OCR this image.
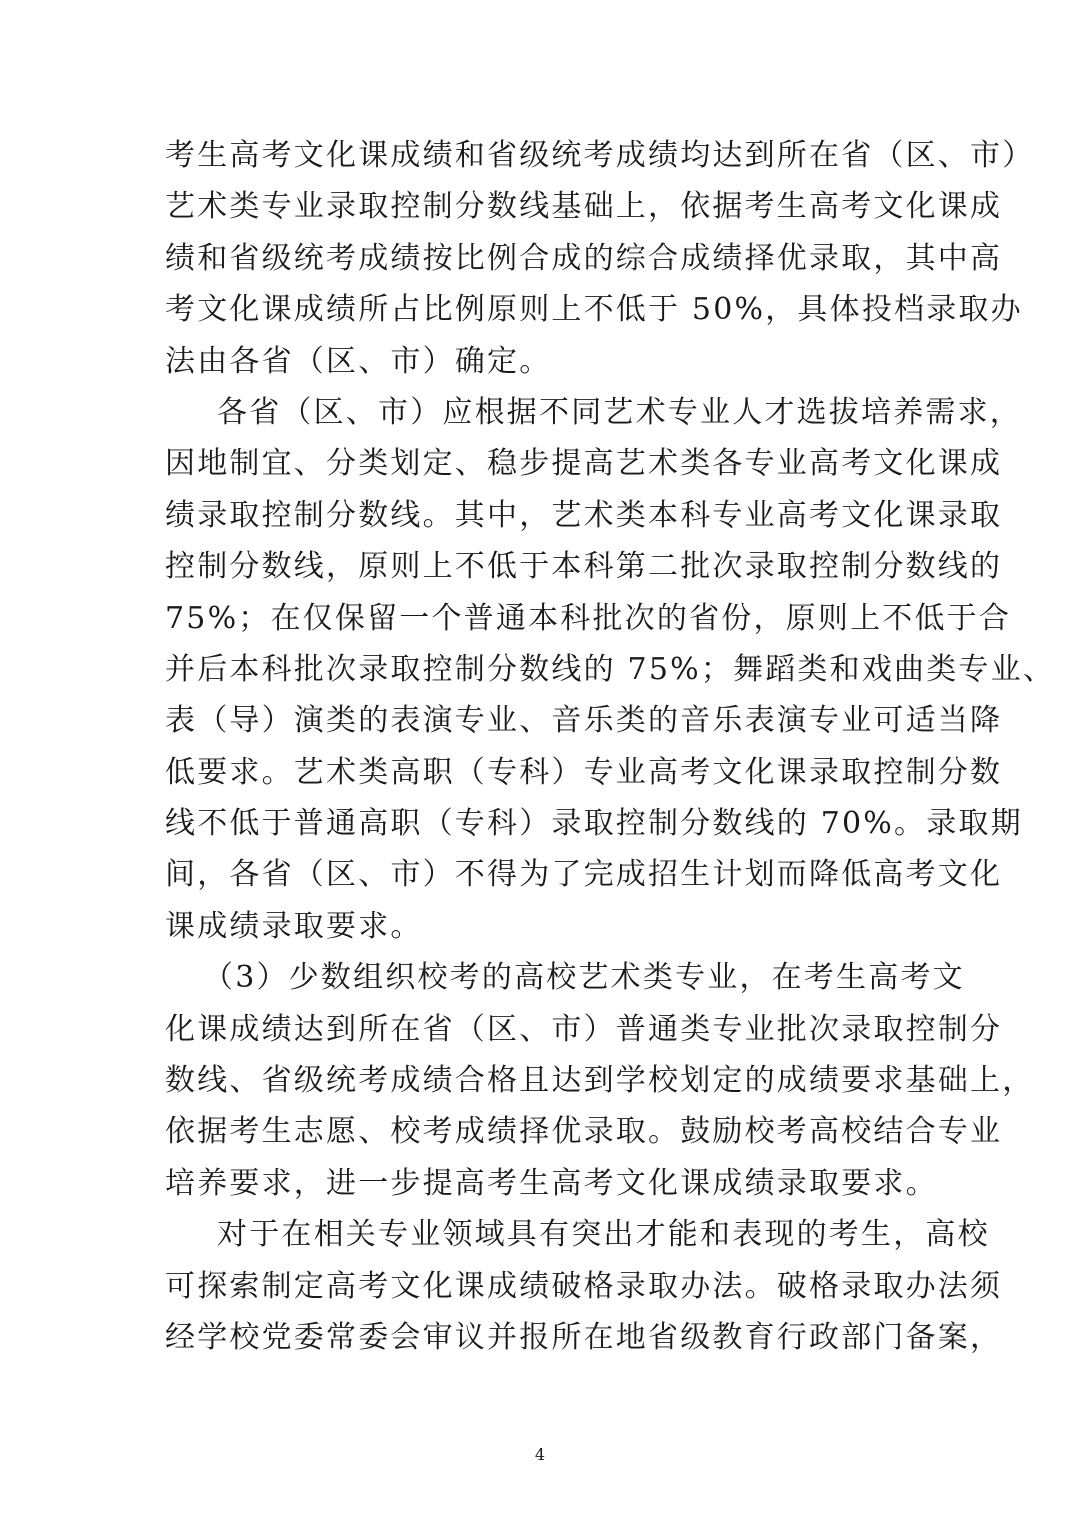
考生高考文化课成绩和省级统考成绩均达到所在省（区、市）
艺术类专业录取控制分数线基础上，依据考生高考文化课成
绩和省级统考成绩按比例合成的综合成绩择优录取，其中高
考文化课成绩所占比例原则上不低于 50%，具体投档录取办
法由各省（区、市）确定。
各省（区、市）应根据不同艺术专业人才选拔培养需求，
因地制宜、分类划定、稳步提高艺术类各专业高考文化课成
绩录取控制分数线。其中，艺术类本科专业高考文化课录取
控制分数线，原则上不低于本科第二批次录取控制分数线的
75%；在仅保留一个普通本科批次的省份，原则上不低于合
并后本科批次录取控制分数线的 75%；舞蹈类和戏曲类专业、
表（导）演类的表演专业、音乐类的音乐表演专业可适当降
低要求。艺术类高职（专科）专业高考文化课录取控制分数
线不低于普通高职（专科）录取控制分数线的 70%。录取期
间，各省（区、市）不得为了完成招生计划而降低高考文化
课成绩录取要求。
（3）少数组织校考的高校艺术类专业，在考生高考文
化课成绩达到所在省（区、市）普通类专业批次录取控制分
数线、省级统考成绩合格且达到学校划定的成绩要求基础上，
依据考生志愿、校考成绩择优录取。鼓励校考高校结合专业
培养要求，进一步提高考生高考文化课成绩录取要求。
对于在相关专业领域具有突出才能和表现的考生，高校
可探索制定高考文化课成绩破格录取办法。破格录取办法须
经学校党委常委会审议并报所在地省级教育行政部门备案，
4
